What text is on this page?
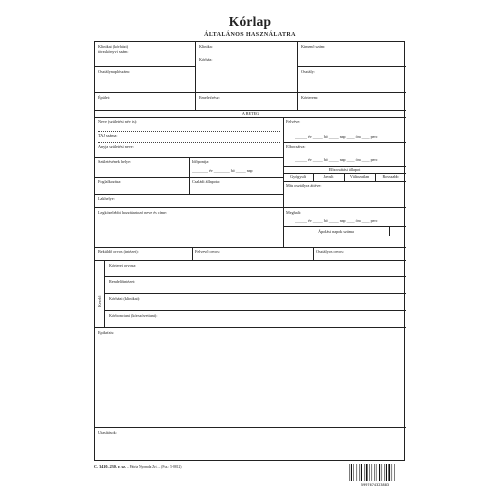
Kórlap
ÁLTALÁNOS HASZNÁLATRA
Klinikai (kórházi)
törzskönyvi szám:
Klinika:
Kórház:
Kimenő szám:
Osztálynaplószám:	Osztály:
Épület:	Emelet/rész:	Kórterem:
A BETEG
Neve (születési név is):
TAJ száma:
Anyja születési neve:
Születésének helye:	Időpontja:
________ év ________ hó _____ nap
Foglalkozása:	Családi állapota:
Lakhelye:
Legközelebbi hozzátartozó neve és címe:
Felvéve:
______ év _____ hó _____ nap ____ óra ____ perc
Elbocsátva:
______ év _____ hó _____ nap ____ óra ____ perc
Elbocsátási állapot
Gyógyult	Javult	Változatlan	Rosszabb
Más osztályra áttéve:
Meghalt:
______ év _____ hó _____ nap ____ óra ____ perc
Ápolási napok száma
Beküldő orvos (intézet):	Felvevő orvos:	Osztályos orvos:
Kezelő
Kórterei orvosa:
Rendelőintézet:
Kórházi (klinikai):
Kórbonctani (kórszövettani):
Epikrízis:
Utasítások:
C. 3410–230. r. sz. – Pátria Nyomda Zrt. – (Fsz.: 5-8812)
5997674323883
